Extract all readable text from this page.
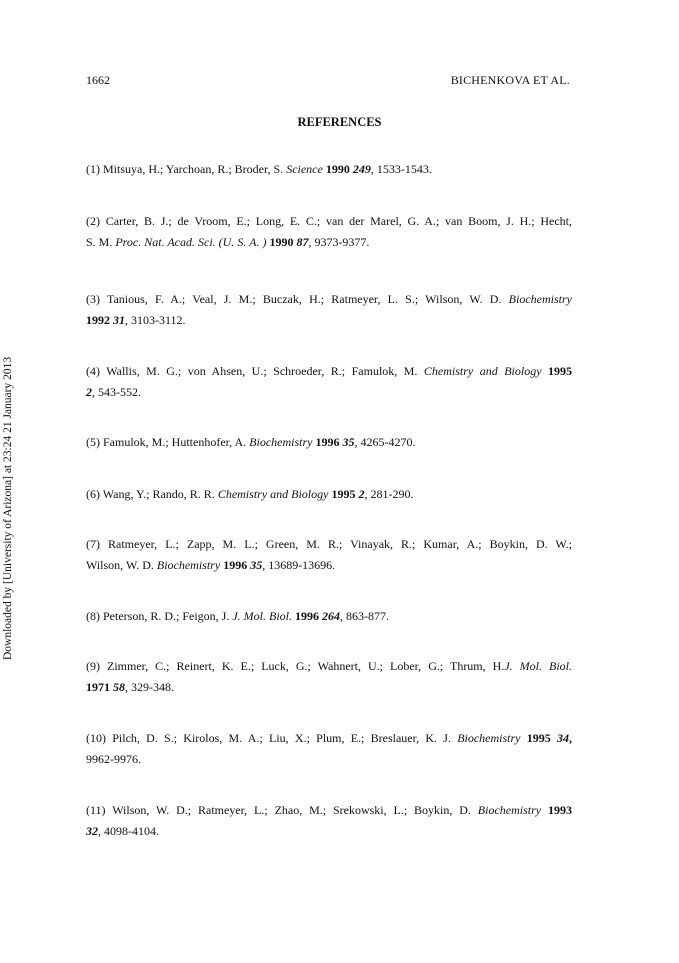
1662	BICHENKOVA ET AL.
Downloaded by [University of Arizona] at 23:24 21 January 2013
REFERENCES
(1) Mitsuya, H.; Yarchoan, R.; Broder, S. Science 1990 249, 1533-1543.
(2) Carter, B. J.; de Vroom, E.; Long, E. C.; van der Marel, G. A.; van Boom, J. H.; Hecht,
S. M. Proc. Nat. Acad. Sci. (U. S. A. ) 1990 87, 9373-9377.
(3) Tanious, F. A.; Veal, J. M.; Buczak, H.; Ratmeyer, L. S.; Wilson, W. D. Biochemistry
1992 31, 3103-3112.
(4) Wallis, M. G.; von Ahsen, U.; Schroeder, R.; Famulok, M. Chemistry and Biology 1995
2, 543-552.
(5) Famulok, M.; Huttenhofer, A. Biochemistry 1996 35, 4265-4270.
(6) Wang, Y.; Rando, R. R. Chemistry and Biology 1995 2, 281-290.
(7) Ratmeyer, L.; Zapp, M. L.; Green, M. R.; Vinayak, R.; Kumar, A.; Boykin, D. W.;
Wilson, W. D. Biochemistry 1996 35, 13689-13696.
(8) Peterson, R. D.; Feigon, J. J. Mol. Biol. 1996 264, 863-877.
(9) Zimmer, C.; Reinert, K. E.; Luck, G.; Wahnert, U.; Lober, G.; Thrum, H.J. Mol. Biol.
1971 58, 329-348.
(10) Pilch, D. S.; Kirolos, M. A.; Liu, X.; Plum, E.; Breslauer, K. J. Biochemistry 1995 34,
9962-9976.
(11) Wilson, W. D.; Ratmeyer, L.; Zhao, M.; Srekowski, L.; Boykin, D. Biochemistry 1993
32, 4098-4104.
